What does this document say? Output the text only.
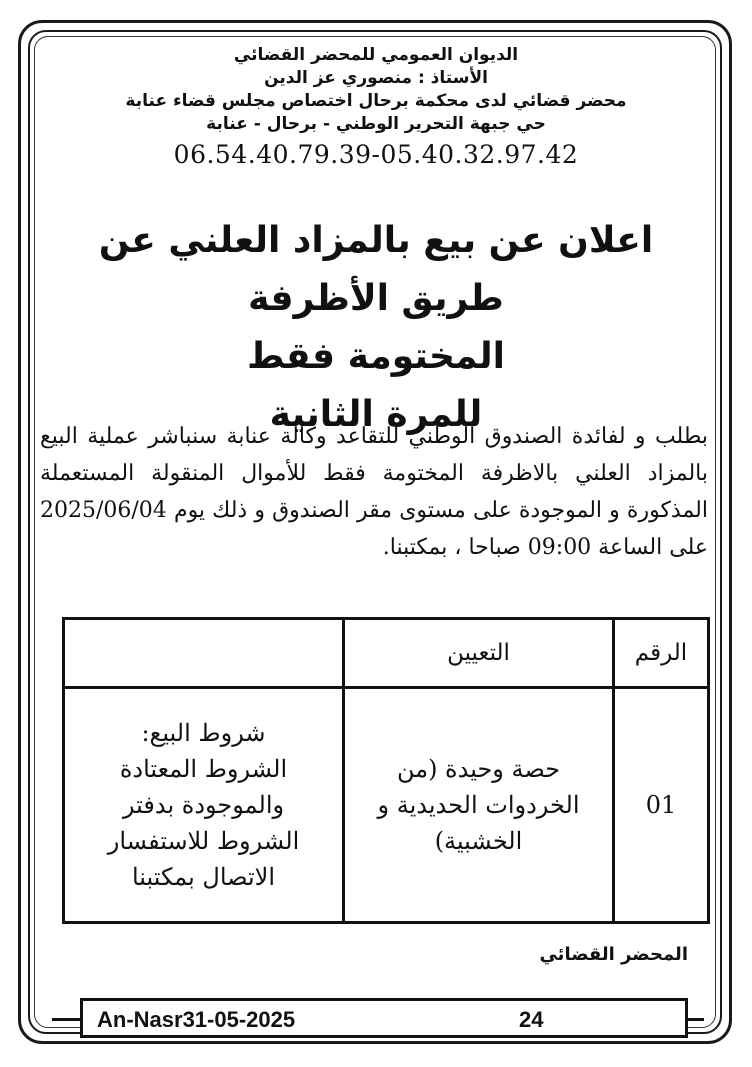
الديوان العمومي للمحضر القضائي
الأستاذ : منصوري عز الدين
محضر قضائي لدى محكمة برحال اختصاص مجلس قضاء عنابة
حي جبهة التحرير الوطني - برحال - عنابة
06.54.40.79.39-05.40.32.97.42
اعلان عن بيع بالمزاد العلني عن طريق الأظرفة
المختومة فقط
للمرة الثانية
بطلب و لفائدة الصندوق الوطني للتقاعد وكالة عنابة سنباشر عملية البيع بالمزاد العلني بالاظرفة المختومة فقط للأموال المنقولة المستعملة المذكورة و الموجودة على مستوى مقر الصندوق و ذلك يوم 2025/06/04 على الساعة 09:00 صباحا ، بمكتبنا.
الرقم	التعيين	
01	حصة وحيدة (من الخردوات الحديدية و الخشبية)	شروط البيع:
الشروط المعتادة والموجودة بدفتر الشروط للاستفسار الاتصال بمكتبنا
المحضر القضائي
An-Nasr31-05-2025	24
